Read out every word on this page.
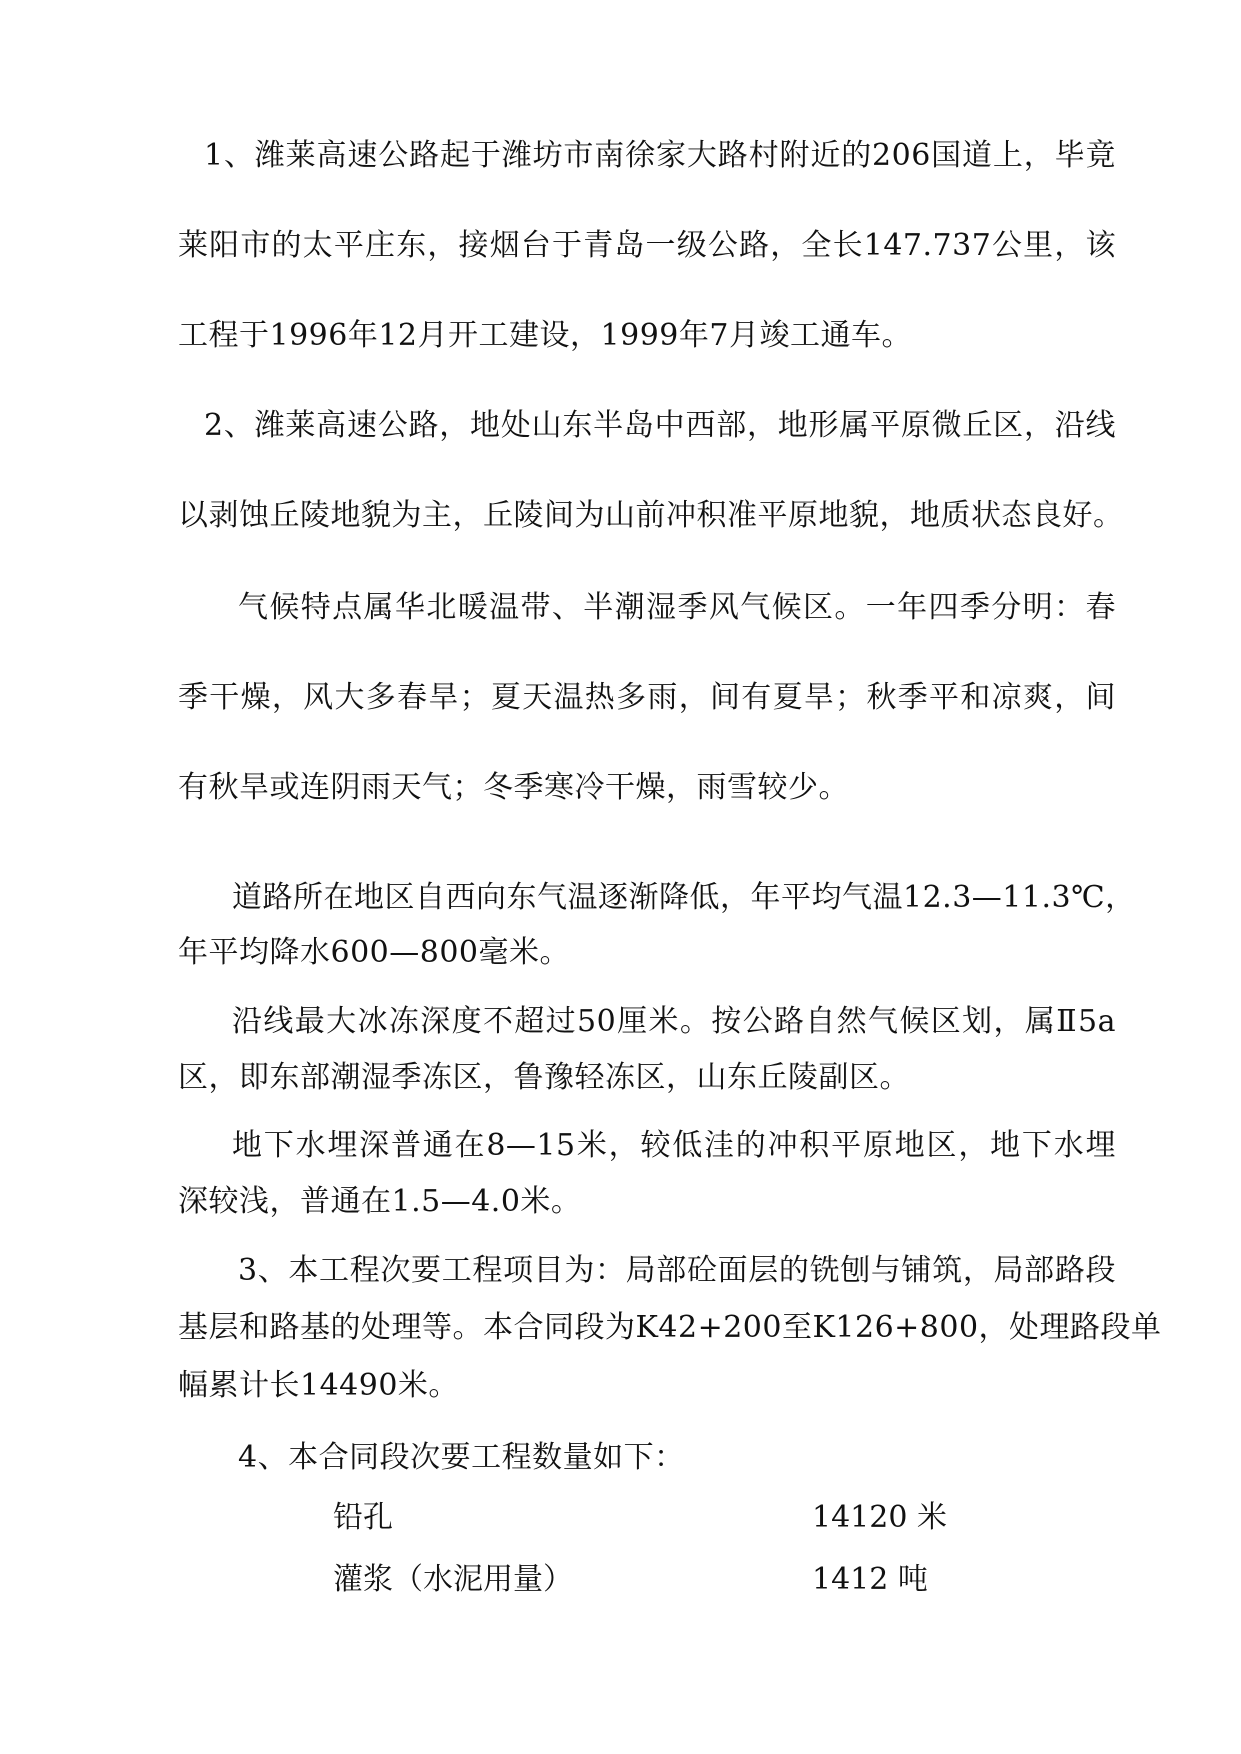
1、潍莱高速公路起于潍坊市南徐家大路村附近的206国道上，毕竟
莱阳市的太平庄东，接烟台于青岛一级公路，全长147.737公里，该
工程于1996年12月开工建设，1999年7月竣工通车。
2、潍莱高速公路，地处山东半岛中西部，地形属平原微丘区，沿线
以剥蚀丘陵地貌为主，丘陵间为山前冲积准平原地貌，地质状态良好。
气候特点属华北暖温带、半潮湿季风气候区。一年四季分明：春
季干燥，风大多春旱；夏天温热多雨，间有夏旱；秋季平和凉爽，间
有秋旱或连阴雨天气；冬季寒冷干燥，雨雪较少。
道路所在地区自西向东气温逐渐降低，年平均气温12.3—11.3℃，
年平均降水600—800毫米。
沿线最大冰冻深度不超过50厘米。按公路自然气候区划，属Ⅱ5a
区，即东部潮湿季冻区，鲁豫轻冻区，山东丘陵副区。
地下水埋深普通在8—15米，较低洼的冲积平原地区，地下水埋
深较浅，普通在1.5—4.0米。
3、本工程次要工程项目为：局部砼面层的铣刨与铺筑，局部路段
基层和路基的处理等。本合同段为K42+200至K126+800，处理路段单
幅累计长14490米。
4、本合同段次要工程数量如下：
铅孔	14120 米
灌浆（水泥用量）	1412 吨
